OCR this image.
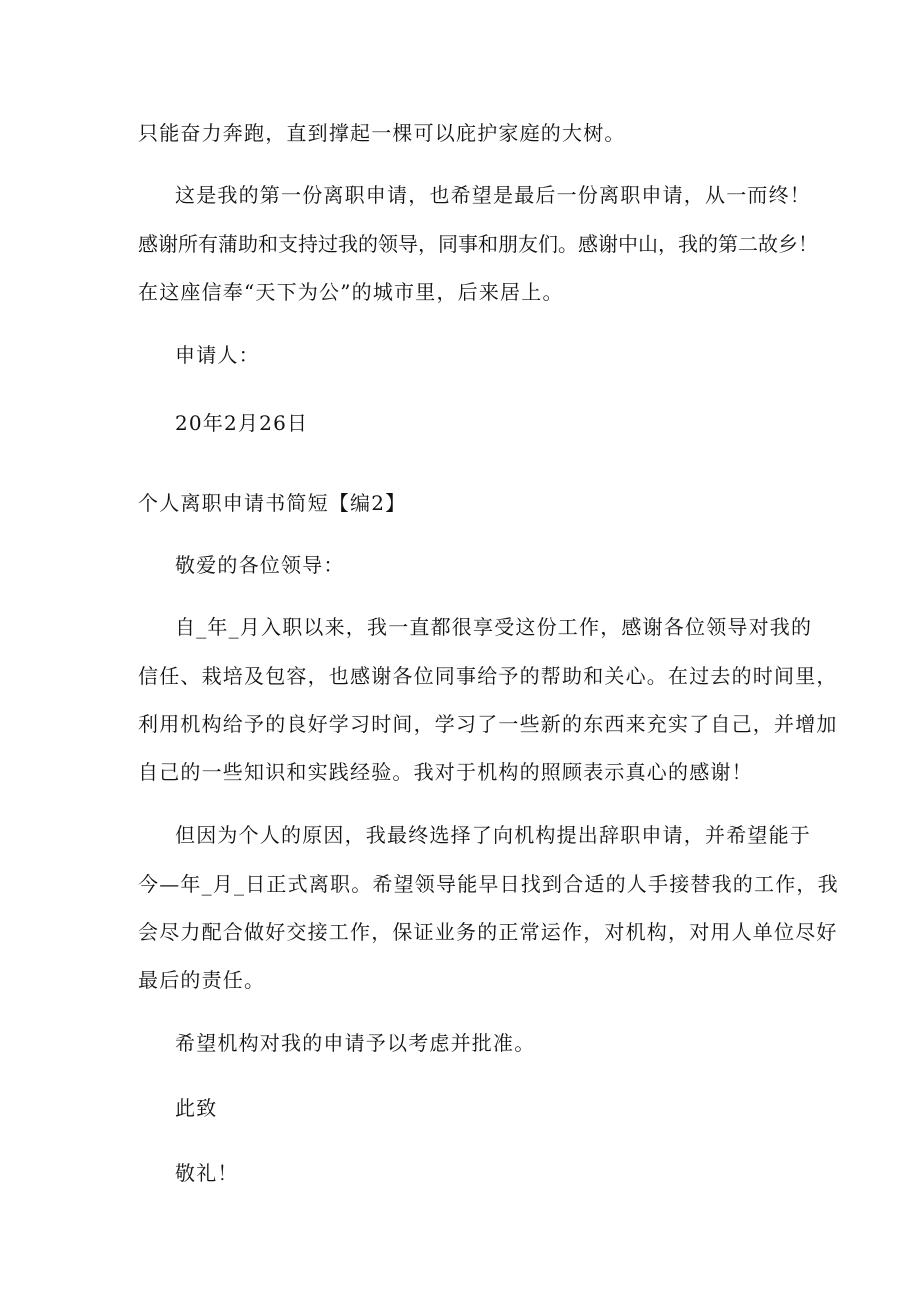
只能奋力奔跑，直到撑起一棵可以庇护家庭的大树。
这是我的第一份离职申请，也希望是最后一份离职申请，从一而终！
感谢所有蒲助和支持过我的领导，同事和朋友们。感谢中山，我的第二故乡！
在这座信奉“天下为公”的城市里，后来居上。
申请人：
20年2月26日
个人离职申请书简短【编2】
敬爱的各位领导：
自_年_月入职以来，我一直都很享受这份工作，感谢各位领导对我的
信任、栽培及包容，也感谢各位同事给予的帮助和关心。在过去的时间里，
利用机构给予的良好学习时间，学习了一些新的东西来充实了自己，并增加
自己的一些知识和实践经验。我对于机构的照顾表示真心的感谢！
但因为个人的原因，我最终选择了向机构提出辞职申请，并希望能于
今—年_月_日正式离职。希望领导能早日找到合适的人手接替我的工作，我
会尽力配合做好交接工作，保证业务的正常运作，对机构，对用人单位尽好
最后的责任。
希望机构对我的申请予以考虑并批准。
此致
敬礼！
